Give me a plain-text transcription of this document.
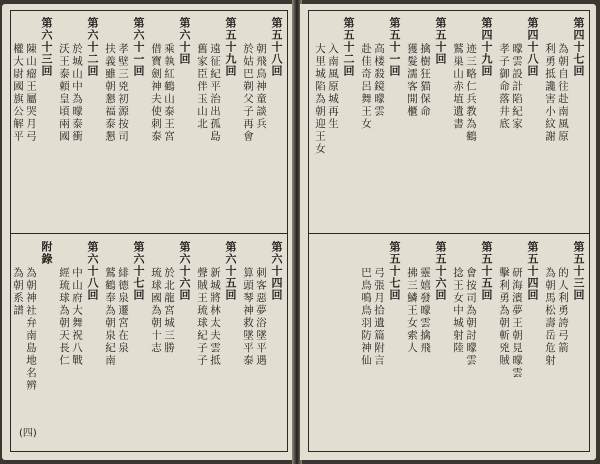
第五十八回
朝飛鳥神童談兵
於姑巴剃父子再會
第五十九回
遠征紀平治出孤島
舊家臣伴玉山北
第六十回
乘執紅鶴山泰王宮
借寶劍神夫使刺泰
第六十一回
孝壁三兇初源按司
扶義雖朝懇福泰懇
第六十二回
於城山中為曚泰衝
沃王泰頼皇頃兩國
第六十三回
陳山瘤王屬哭月弓
權大尉國旗公解平
第六十四回
刺客惡夢浴墜平遇
算頭琴神救墜平泰
第六十五回
新城將林太夫雲抵
聲賊王琉球紀子子
第六十六回
於北龍宮城三勝
琉球國為朝十志
第六十七回
緋德泉遷宮在泉
鷲鶴奉為朝泉紀南
第六十八回
中山府大舞祝八戰
經琉球為朝天長仁
附錄
為朝神社弁南島地名辨
為朝系譜
(四)
第四十七回
為朝自往赴南風原
利勇抵讒害小紋謝
第四十八回
曚雲設計陷紀家
孝子御命落井底
第四十九回
迹三略仁兵教為鶴
鷲巢山赤埴遺書
第五十回
擒樹狂猫保命
獲髮濡客開櫃
第五十一回
高楼殺鏡曚雲
赴佳奇呂舞王女
第五十二回
入南風原城再生
大里城陷為朝迎王女
第五十三回
的人利勇誇弓箭
為朝馬松壽岳危射
第五十四回
研海濱夢王朝見曚雲
擊利勇為朝斬兇賊
第五十五回
會按司為朝討曚雲
捻王女中城射陸
第五十六回
靈嬉發曚雲擒飛
拂三鱗王女索人
第五十七回
弓張月拾遺篇附言
巴鳥鳴鳥羽防神仙
